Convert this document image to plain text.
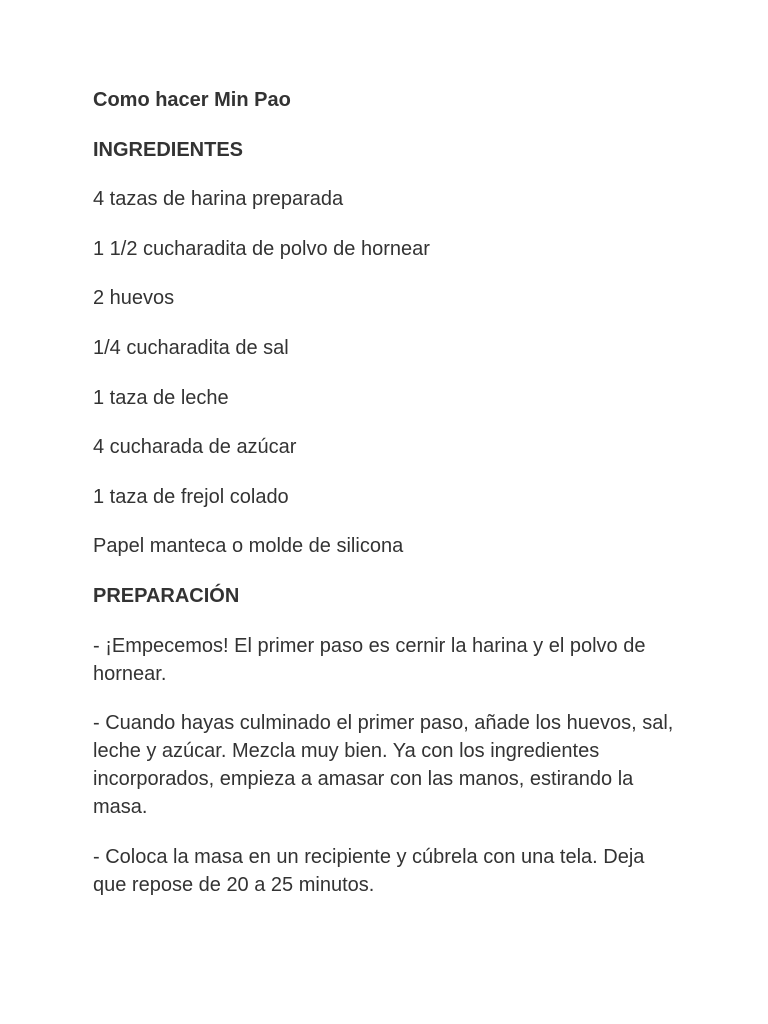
Como hacer Min Pao

INGREDIENTES

4 tazas de harina preparada

1 1/2 cucharadita de polvo de hornear

2 huevos

1/4 cucharadita de sal

1 taza de leche

4 cucharada de azúcar

1 taza de frejol colado

Papel manteca o molde de silicona

PREPARACIÓN

- ¡Empecemos! El primer paso es cernir la harina y el polvo de hornear.

- Cuando hayas culminado el primer paso, añade los huevos, sal, leche y azúcar. Mezcla muy bien. Ya con los ingredientes incorporados, empieza a amasar con las manos, estirando la masa.

- Coloca la masa en un recipiente y cúbrela con una tela. Deja que repose de 20 a 25 minutos.
